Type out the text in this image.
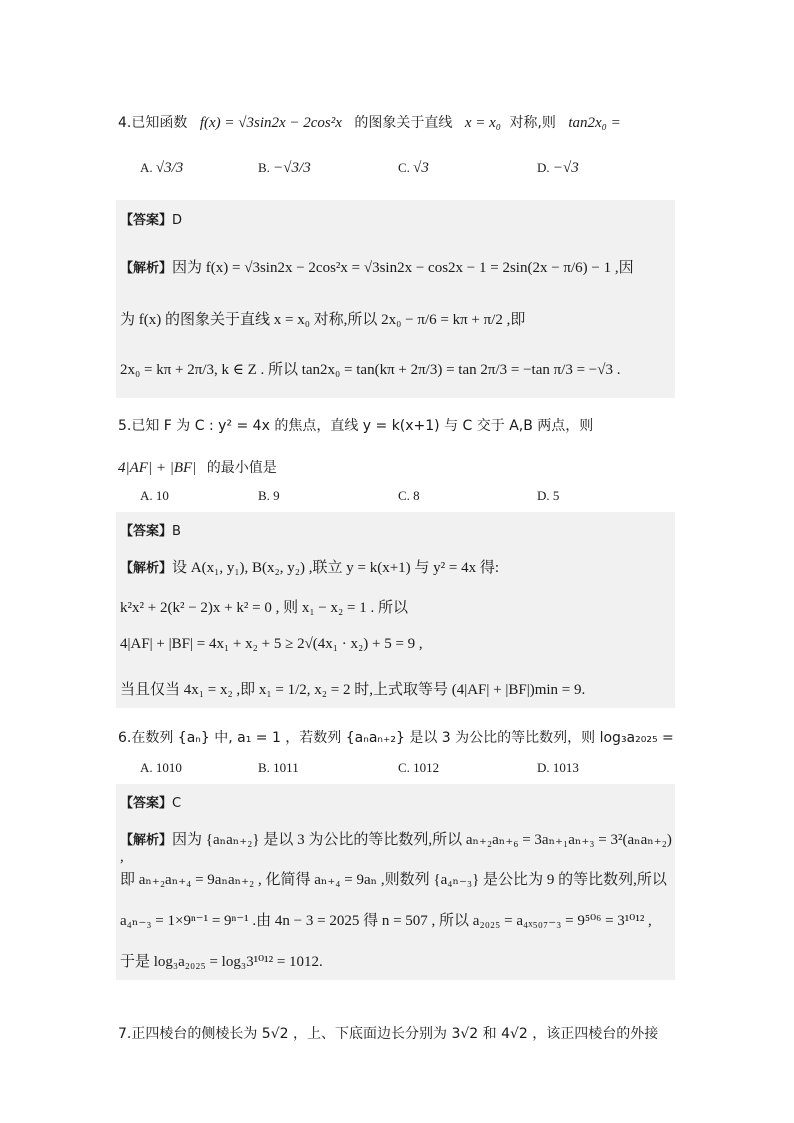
4.已知函数 f(x) = √3sin2x − 2cos²x 的图象关于直线 x = x₀ 对称,则 tan2x₀ =
A. √3/3	B. −√3/3	C. √3	D. −√3
【答案】D
【解析】因为 f(x) = √3sin2x − 2cos²x = √3sin2x − cos2x − 1 = 2sin(2x − π/6) − 1 ,因
为 f(x) 的图象关于直线 x = x₀ 对称,所以 2x₀ − π/6 = kπ + π/2 ,即
2x₀ = kπ + 2π/3, k ∈ Z . 所以 tan2x₀ = tan(kπ + 2π/3) = tan 2π/3 = −tan π/3 = −√3 .
5.已知 F 为 C : y² = 4x 的焦点，直线 y = k(x+1) 与 C 交于 A,B 两点，则
4|AF| + |BF| 的最小值是
A. 10	B. 9	C. 8	D. 5
【答案】B
【解析】设 A(x₁, y₁), B(x₂, y₂) ,联立 y = k(x+1) 与 y² = 4x 得:
k²x² + 2(k² − 2)x + k² = 0 , 则 x₁ − x₂ = 1 . 所以
4|AF| + |BF| = 4x₁ + x₂ + 5 ≥ 2√(4x₁ · x₂) + 5 = 9 ,
当且仅当 4x₁ = x₂ ,即 x₁ = 1/2, x₂ = 2 时,上式取等号 (4|AF| + |BF|)min = 9.
6.在数列 {aₙ} 中, a₁ = 1 ，若数列 {aₙaₙ₊₂} 是以 3 为公比的等比数列，则 log₃a₂₀₂₅ =
A. 1010	B. 1011	C. 1012	D. 1013
【答案】C
【解析】因为 {aₙaₙ₊₂} 是以 3 为公比的等比数列,所以 aₙ₊₂aₙ₊₆ = 3aₙ₊₁aₙ₊₃ = 3²(aₙaₙ₊₂) ,
即 aₙ₊₂aₙ₊₄ = 9aₙaₙ₊₂ , 化简得 aₙ₊₄ = 9aₙ ,则数列 {a₄ₙ₋₃} 是公比为 9 的等比数列,所以
a₄ₙ₋₃ = 1×9ⁿ⁻¹ = 9ⁿ⁻¹ .由 4n − 3 = 2025 得 n = 507 , 所以 a₂₀₂₅ = a₄ₓ₅₀₇₋₃ = 9⁵⁰⁶ = 3¹⁰¹² ,
于是 log₃a₂₀₂₅ = log₃3¹⁰¹² = 1012.
7.正四棱台的侧棱长为 5√2 ，上、下底面边长分别为 3√2 和 4√2 ，该正四棱台的外接
